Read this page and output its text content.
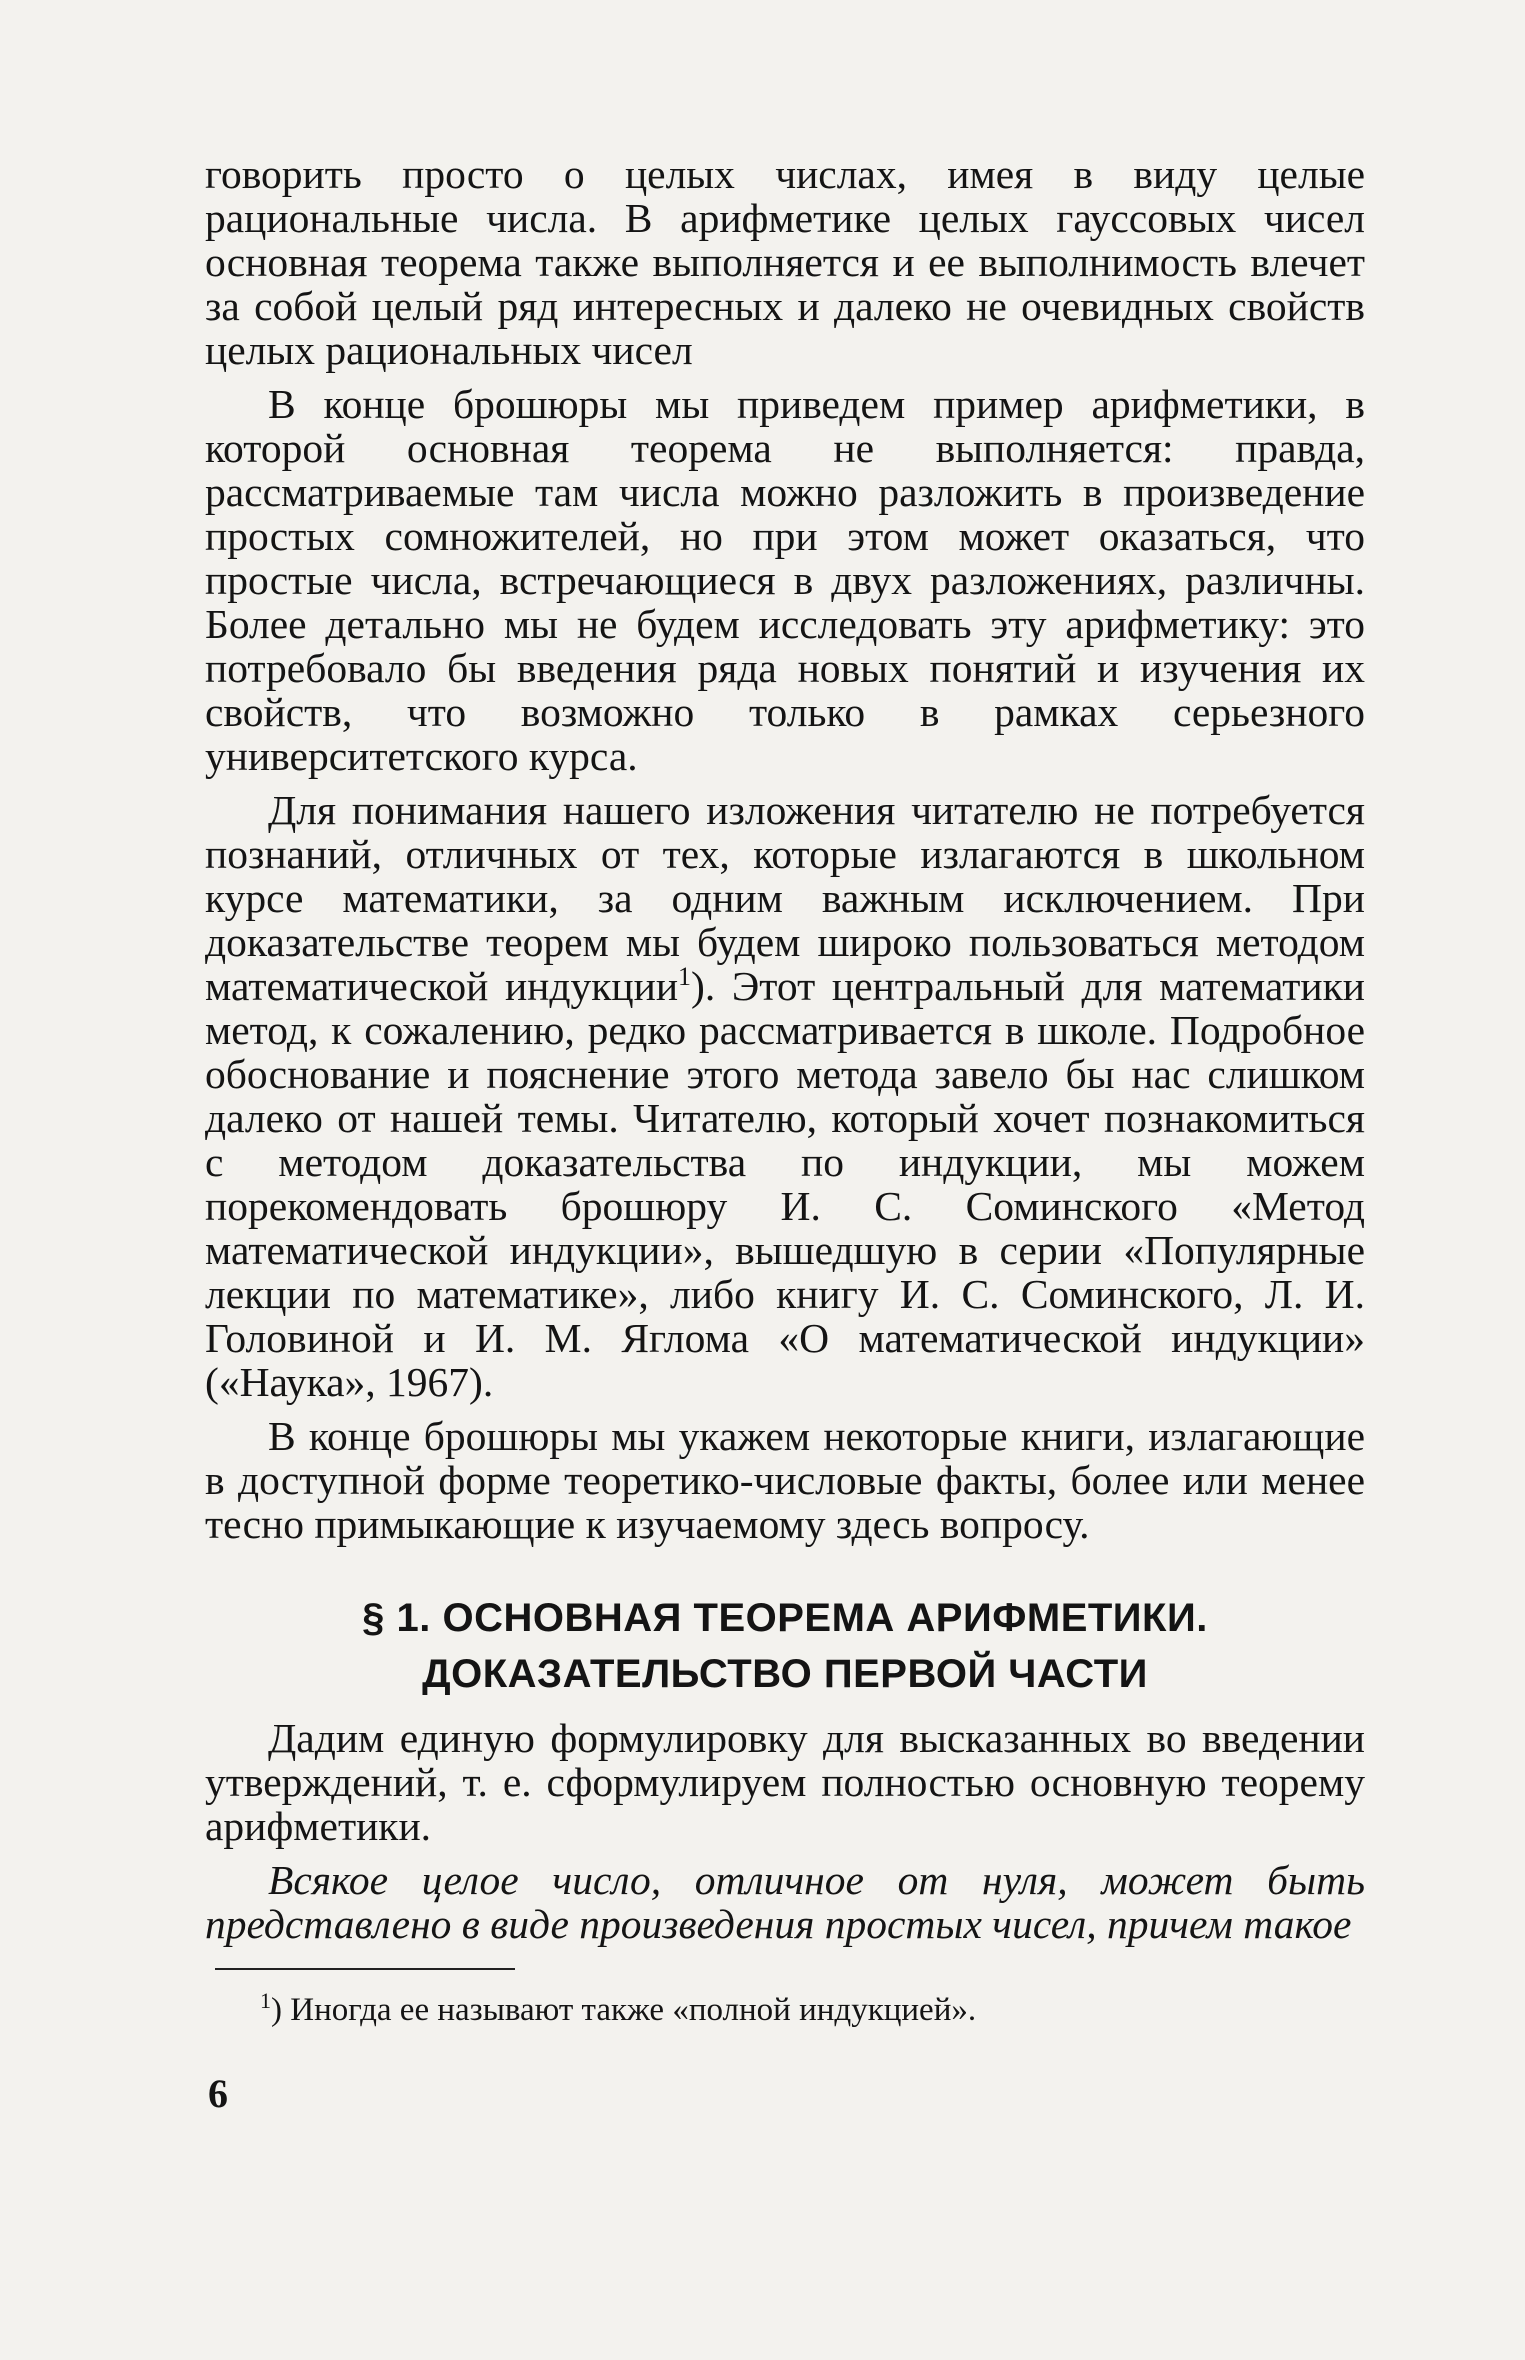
говорить просто о целых числах, имея в виду целые рациональные числа. В арифметике целых гауссовых чисел основная теорема также выполняется и ее выполнимость влечет за собой целый ряд интересных и далеко не очевидных свойств целых рациональных чисел

В конце брошюры мы приведем пример арифметики, в которой основная теорема не выполняется: правда, рассматриваемые там числа можно разложить в произведение простых сомножителей, но при этом может оказаться, что простые числа, встречающиеся в двух разложениях, различны. Более детально мы не будем исследовать эту арифметику: это потребовало бы введения ряда новых понятий и изучения их свойств, что возможно только в рамках серьезного университетского курса.

Для понимания нашего изложения читателю не потребуется познаний, отличных от тех, которые излагаются в школьном курсе математики, за одним важным исключением. При доказательстве теорем мы будем широко пользоваться методом математической индукции$^1$). Этот центральный для математики метод, к сожалению, редко рассматривается в школе. Подробное обоснование и пояснение этого метода завело бы нас слишком далеко от нашей темы. Читателю, который хочет познакомиться с методом доказательства по индукции, мы можем порекомендовать брошюру И. С. Соминского «Метод математической индукции», вышедшую в серии «Популярные лекции по математике», либо книгу И. С. Соминского, Л. И. Головиной и И. М. Яглома «О математической индукции» («Наука», 1967).

В конце брошюры мы укажем некоторые книги, излагающие в доступной форме теоретико-числовые факты, более или менее тесно примыкающие к изучаемому здесь вопросу.

§ 1. ОСНОВНАЯ ТЕОРЕМА АРИФМЕТИКИ.
ДОКАЗАТЕЛЬСТВО ПЕРВОЙ ЧАСТИ

Дадим единую формулировку для высказанных во введении утверждений, т. е. сформулируем полностью основную теорему арифметики.

Всякое целое число, отличное от нуля, может быть представлено в виде произведения простых чисел, причем такое

$^1$) Иногда ее называют также «полной индукцией».
6
